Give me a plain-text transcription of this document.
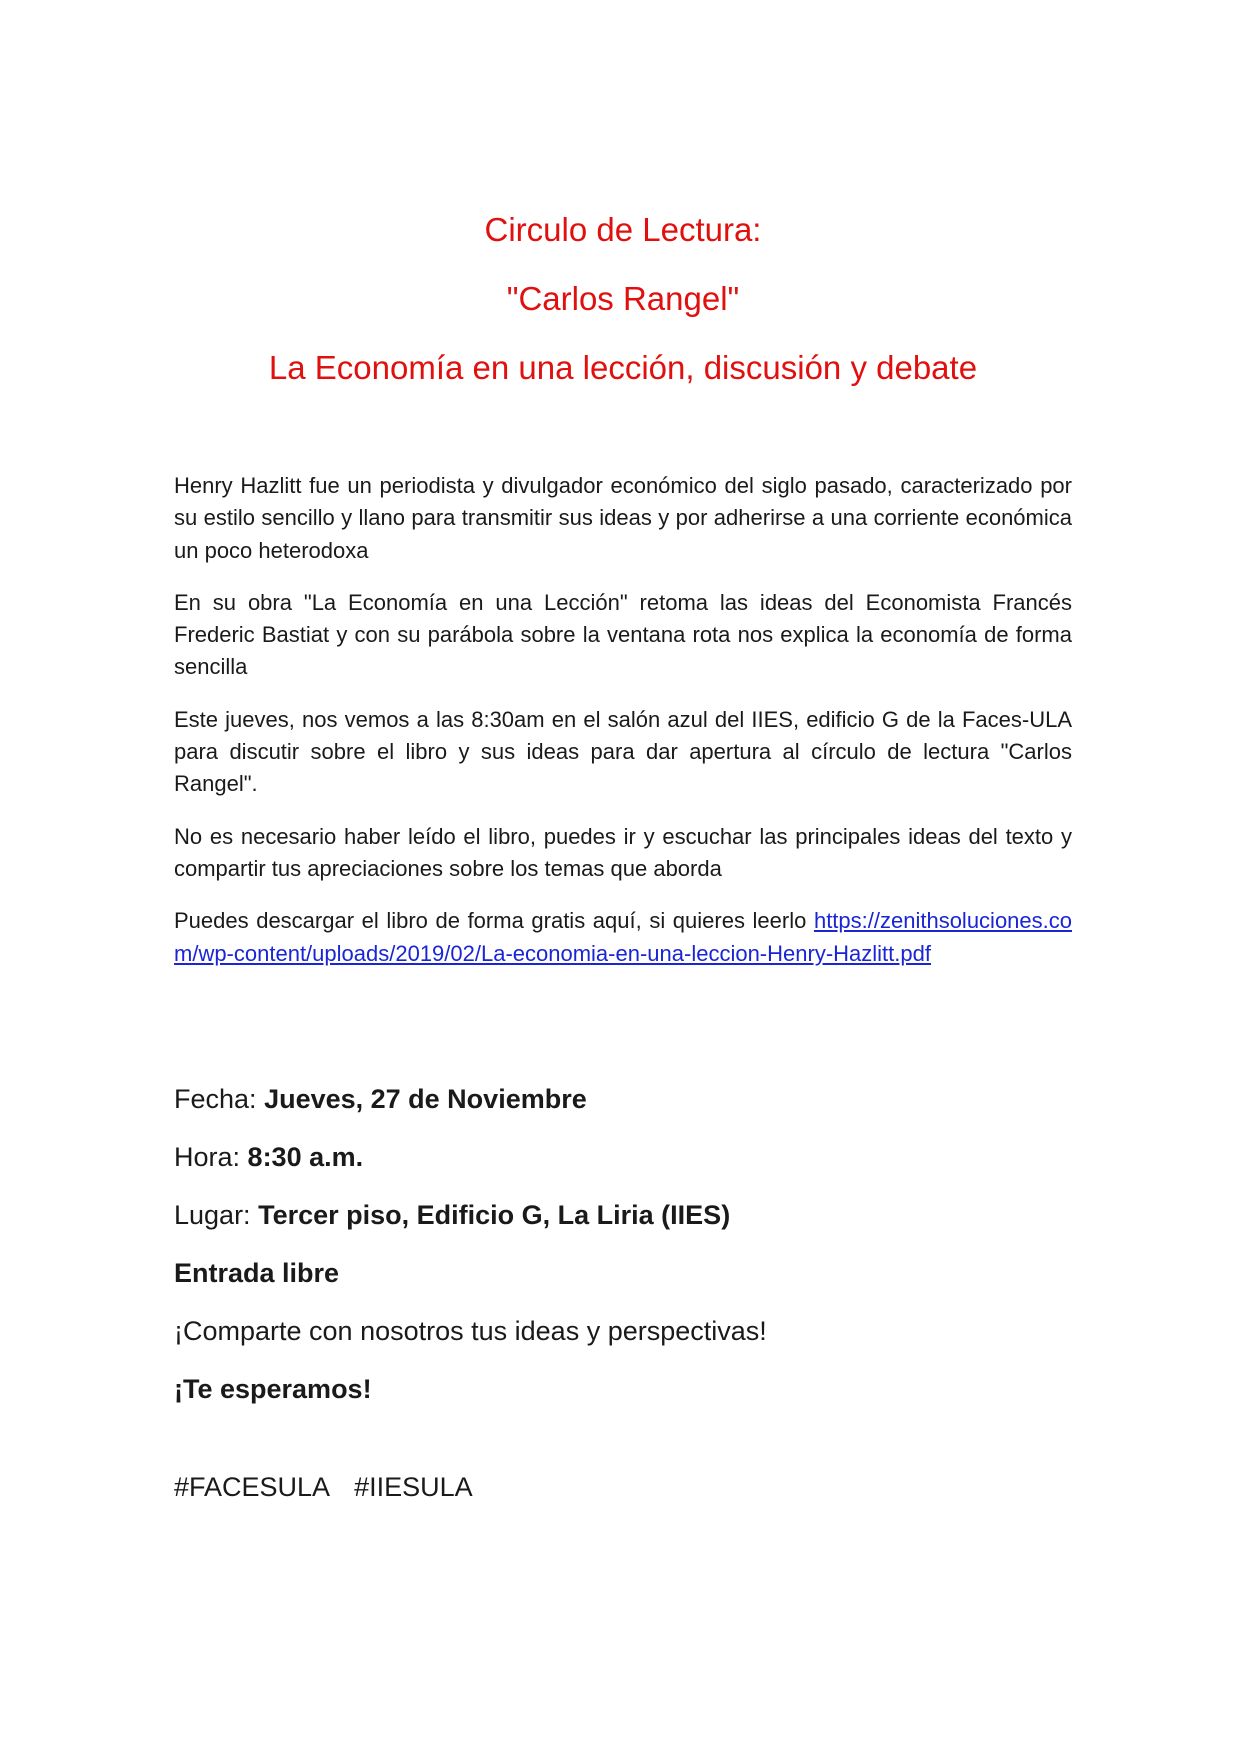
Circulo de Lectura:

"Carlos Rangel"

La Economía en una lección, discusión y debate

Henry Hazlitt fue un periodista y divulgador económico del siglo pasado, caracterizado por su estilo sencillo y llano para transmitir sus ideas y por adherirse a una corriente económica un poco heterodoxa

En su obra "La Economía en una Lección" retoma las ideas del Economista Francés Frederic Bastiat y con su parábola sobre la ventana rota nos explica la economía de forma sencilla

Este jueves, nos vemos a las 8:30am en el salón azul del IIES, edificio G de la Faces-ULA para discutir sobre el libro y sus ideas para dar apertura al círculo de lectura "Carlos Rangel".

No es necesario haber leído el libro, puedes ir y escuchar las principales ideas del texto y compartir tus apreciaciones sobre los temas que aborda

Puedes descargar el libro de forma gratis aquí, si quieres leerlo https://zenithsoluciones.com/wp-content/uploads/2019/02/La-economia-en-una-leccion-Henry-Hazlitt.pdf

Fecha: Jueves, 27 de Noviembre

Hora: 8:30 a.m.

Lugar: Tercer piso, Edificio G, La Liria (IIES)

Entrada libre

¡Comparte con nosotros tus ideas y perspectivas!

¡Te esperamos!

#FACESULA #IIESULA
